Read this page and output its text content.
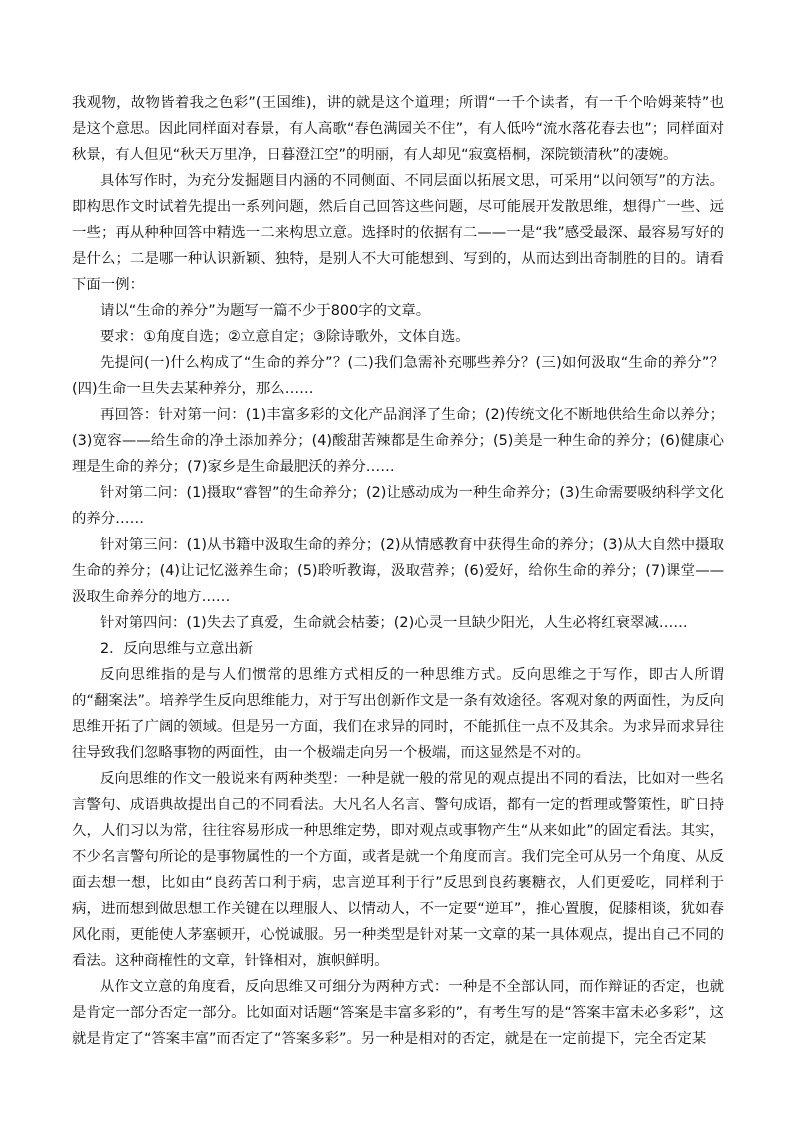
我观物，故物皆着我之色彩”(王国维)，讲的就是这个道理；所谓“一千个读者，有一千个哈姆莱特”也是这个意思。因此同样面对春景，有人高歌“春色满园关不住”，有人低吟“流水落花春去也”；同样面对秋景，有人但见“秋天万里净，日暮澄江空”的明丽，有人却见“寂寞梧桐，深院锁清秋”的凄婉。

具体写作时，为充分发掘题目内涵的不同侧面、不同层面以拓展文思，可采用“以问领写”的方法。即构思作文时试着先提出一系列问题，然后自己回答这些问题，尽可能展开发散思维，想得广一些、远一些；再从种种回答中精选一二来构思立意。选择时的依据有二——一是“我”感受最深、最容易写好的是什么；二是哪一种认识新颖、独特，是别人不大可能想到、写到的，从而达到出奇制胜的目的。请看下面一例：

请以“生命的养分”为题写一篇不少于800字的文章。

要求：①角度自选；②立意自定；③除诗歌外，文体自选。

先提问(一)什么构成了“生命的养分”？(二)我们急需补充哪些养分？(三)如何汲取“生命的养分”？(四)生命一旦失去某种养分，那么……

再回答：针对第一问：(1)丰富多彩的文化产品润泽了生命；(2)传统文化不断地供给生命以养分；(3)宽容——给生命的净土添加养分；(4)酸甜苦辣都是生命养分；(5)美是一种生命的养分；(6)健康心理是生命的养分；(7)家乡是生命最肥沃的养分……

针对第二问：(1)摄取“睿智”的生命养分；(2)让感动成为一种生命养分；(3)生命需要吸纳科学文化的养分……

针对第三问：(1)从书籍中汲取生命的养分；(2)从情感教育中获得生命的养分；(3)从大自然中摄取生命的养分；(4)让记忆滋养生命；(5)聆听教诲，汲取营养；(6)爱好，给你生命的养分；(7)课堂——汲取生命养分的地方……

针对第四问：(1)失去了真爱，生命就会枯萎；(2)心灵一旦缺少阳光，人生必将红衰翠减……

2．反向思维与立意出新

反向思维指的是与人们惯常的思维方式相反的一种思维方式。反向思维之于写作，即古人所谓的“翻案法”。培养学生反向思维能力，对于写出创新作文是一条有效途径。客观对象的两面性，为反向思维开拓了广阔的领域。但是另一方面，我们在求异的同时，不能抓住一点不及其余。为求异而求异往往导致我们忽略事物的两面性，由一个极端走向另一个极端，而这显然是不对的。

反向思维的作文一般说来有两种类型：一种是就一般的常见的观点提出不同的看法，比如对一些名言警句、成语典故提出自己的不同看法。大凡名人名言、警句成语，都有一定的哲理或警策性，旷日持久，人们习以为常，往往容易形成一种思维定势，即对观点或事物产生“从来如此”的固定看法。其实，不少名言警句所论的是事物属性的一个方面，或者是就一个角度而言。我们完全可从另一个角度、从反面去想一想，比如由“良药苦口利于病，忠言逆耳利于行”反思到良药裹糖衣，人们更爱吃，同样利于病，进而想到做思想工作关键在以理服人、以情动人，不一定要“逆耳”，推心置腹，促膝相谈，犹如春风化雨，更能使人茅塞顿开，心悦诚服。另一种类型是针对某一文章的某一具体观点，提出自己不同的看法。这种商榷性的文章，针锋相对，旗帜鲜明。

从作文立意的角度看，反向思维又可细分为两种方式：一种是不全部认同，而作辩证的否定，也就是肯定一部分否定一部分。比如面对话题“答案是丰富多彩的”，有考生写的是“答案丰富未必多彩”，这就是肯定了“答案丰富”而否定了“答案多彩”。另一种是相对的否定，就是在一定前提下，完全否定某
